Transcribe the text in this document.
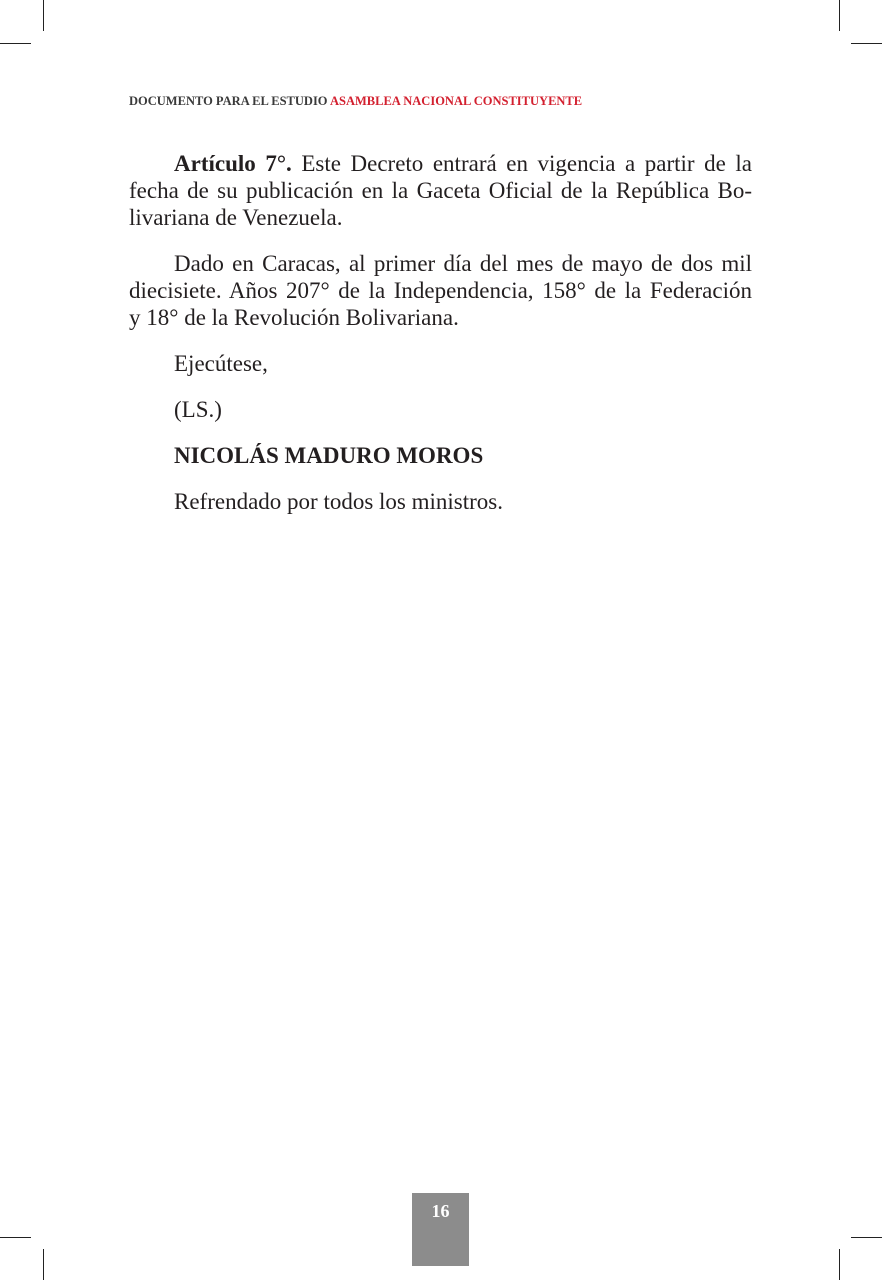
DOCUMENTO PARA EL ESTUDIO ASAMBLEA NACIONAL CONSTITUYENTE
Artículo 7°. Este Decreto entrará en vigencia a partir de la
fecha de su publicación en la Gaceta Oficial de la República Bo-
livariana de Venezuela.
Dado en Caracas, al primer día del mes de mayo de dos mil
diecisiete. Años 207° de la Independencia, 158° de la Federación
y 18° de la Revolución Bolivariana.
Ejecútese,
(LS.)
NICOLÁS MADURO MOROS
Refrendado por todos los ministros.
16
